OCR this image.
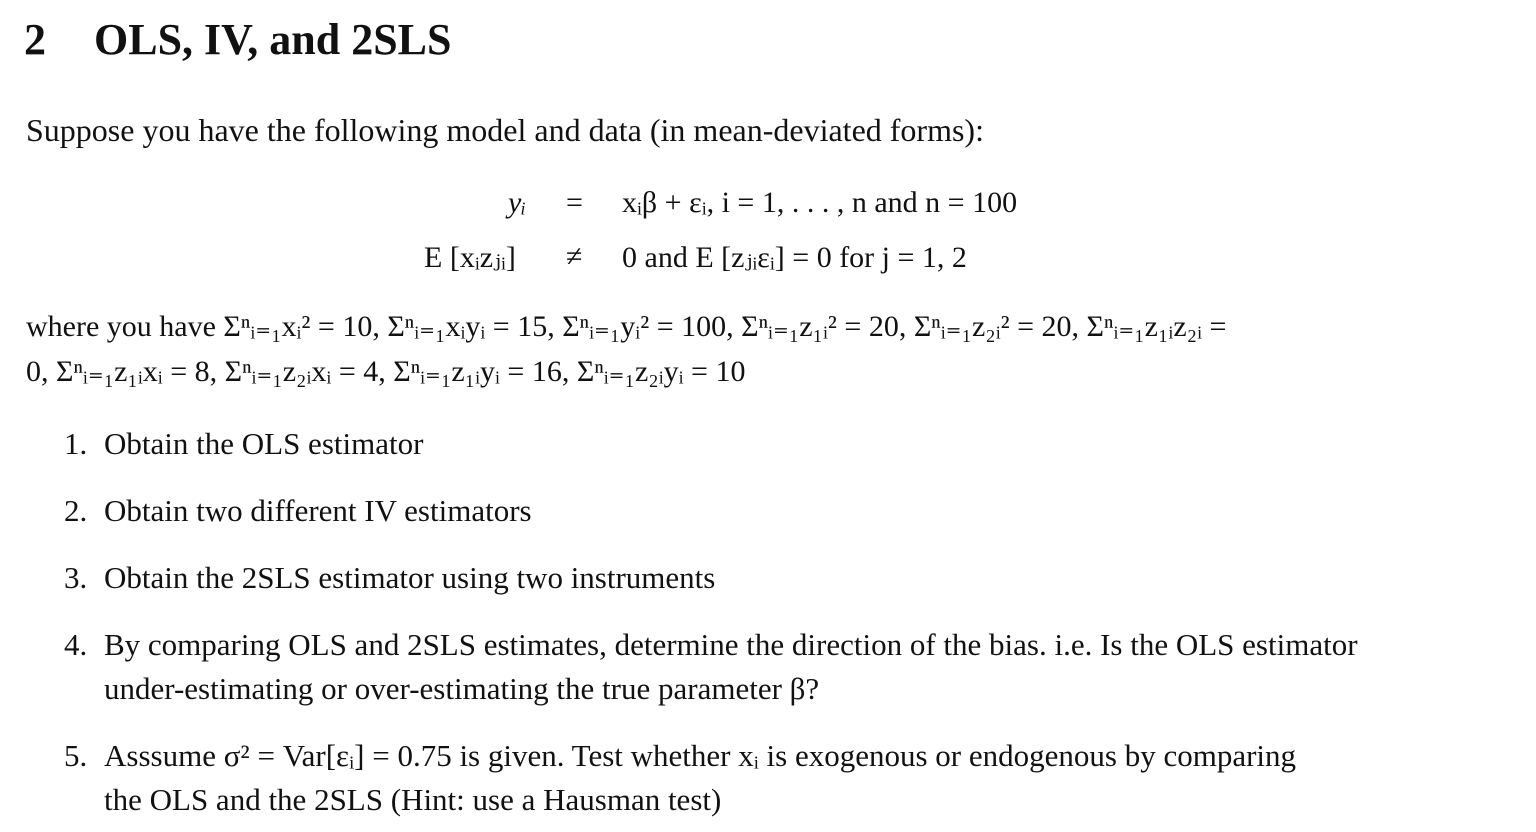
2 OLS, IV, and 2SLS
Suppose you have the following model and data (in mean-deviated forms):
yᵢ = xᵢβ + εᵢ, i = 1, . . . , n and n = 100
E [xᵢzⱼᵢ] ≠ 0 and E [zⱼᵢεᵢ] = 0 for j = 1, 2
where you have Σⁿᵢ₌₁xᵢ² = 10, Σⁿᵢ₌₁xᵢyᵢ = 15, Σⁿᵢ₌₁yᵢ² = 100, Σⁿᵢ₌₁z₁ᵢ² = 20, Σⁿᵢ₌₁z₂ᵢ² = 20, Σⁿᵢ₌₁z₁ᵢz₂ᵢ =
0, Σⁿᵢ₌₁z₁ᵢxᵢ = 8, Σⁿᵢ₌₁z₂ᵢxᵢ = 4, Σⁿᵢ₌₁z₁ᵢyᵢ = 16, Σⁿᵢ₌₁z₂ᵢyᵢ = 10
1. Obtain the OLS estimator
2. Obtain two different IV estimators
3. Obtain the 2SLS estimator using two instruments
4. By comparing OLS and 2SLS estimates, determine the direction of the bias. i.e. Is the OLS estimator
under-estimating or over-estimating the true parameter β?
5. Asssume σ² = Var[εᵢ] = 0.75 is given. Test whether xᵢ is exogenous or endogenous by comparing
the OLS and the 2SLS (Hint: use a Hausman test)
